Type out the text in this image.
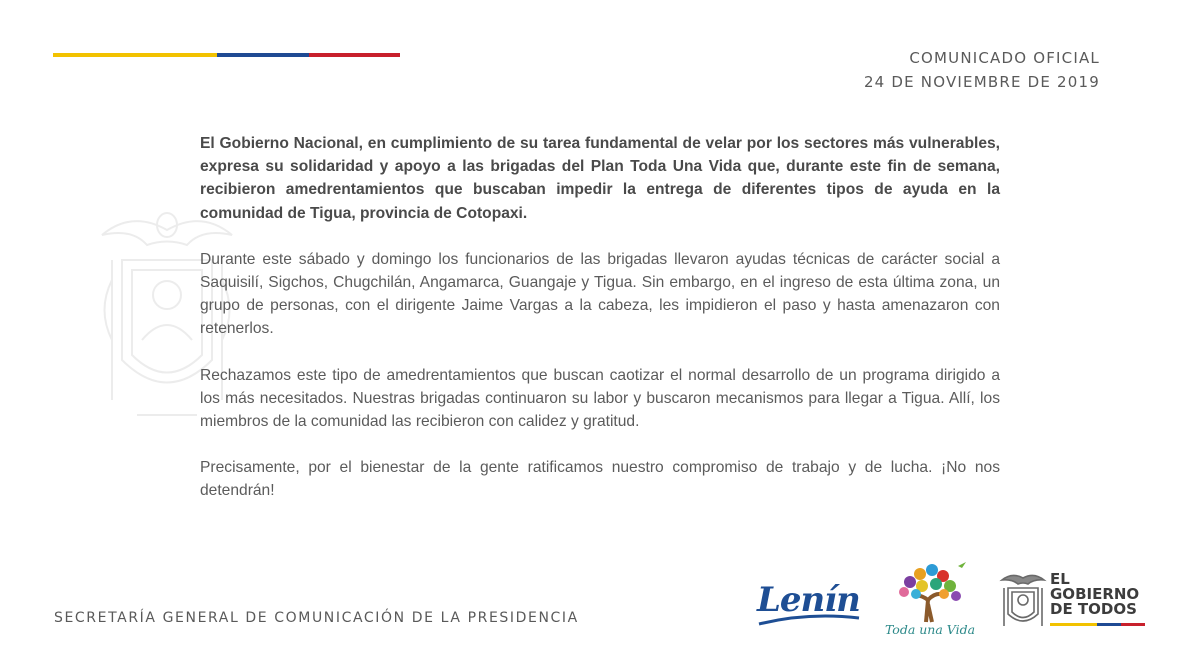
COMUNICADO OFICIAL
24 DE NOVIEMBRE DE 2019

El Gobierno Nacional, en cumplimiento de su tarea fundamental de velar por los sectores más vulnerables, expresa su solidaridad y apoyo a las brigadas del Plan Toda Una Vida que, durante este fin de semana, recibieron amedrentamientos que buscaban impedir la entrega de diferentes tipos de ayuda en la comunidad de Tigua, provincia de Cotopaxi.

Durante este sábado y domingo los funcionarios de las brigadas llevaron ayudas técnicas de carácter social a Saquisilí, Sigchos, Chugchilán, Angamarca, Guangaje y Tigua. Sin embargo, en el ingreso de esta última zona, un grupo de personas, con el dirigente Jaime Vargas a la cabeza, les impidieron el paso y hasta amenazaron con retenerlos.

Rechazamos este tipo de amedrentamientos que buscan caotizar el normal desarrollo de un programa dirigido a los más necesitados. Nuestras brigadas continuaron su labor y buscaron mecanismos para llegar a Tigua. Allí, los miembros de la comunidad las recibieron con calidez y gratitud.

Precisamente, por el bienestar de la gente ratificamos nuestro compromiso de trabajo y de lucha. ¡No nos detendrán!

SECRETARÍA GENERAL DE COMUNICACIÓN DE LA PRESIDENCIA	Lenín
Toda una Vida
EL
GOBIERNO
DE TODOS
